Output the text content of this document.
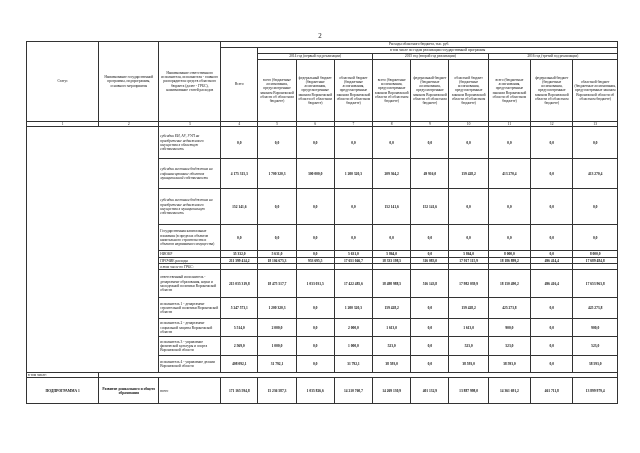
2
Статус	Наименование государственной программы, подпрограммы, основного мероприятия	Наименование ответственного исполнителя, исполнителя - главного распорядителя средств областного бюджета (далее - ГРБС), наименование статей расходов	Расходы областного бюджета, тыс. руб.									
			Всего	в том числе по годам реализации государственной программы								
				2014 год (первый год реализации)			2015 год (второй год реализации)			2016 год (третий год реализации)		
				всего (бюджетные ассигнования, предусмотренные законом Воронежской области об областном бюджете)	федеральный бюджет (бюджетные ассигнования, предусмотренные законом Воронежской области об областном бюджете)	областной бюджет (бюджетные ассигнования, предусмотренные законом Воронежской области об областном бюджете)	всего (бюджетные ассигнования, предусмотренные законом Воронежской области об областном бюджете)	федеральный бюджет (бюджетные ассигнования, предусмотренные законом Воронежской области об областном бюджете)	областной бюджет (бюджетные ассигнования, предусмотренные законом Воронежской области об областном бюджете)	всего (бюджетные ассигнования, предусмотренные законом Воронежской области об областном бюджете)	федеральный бюджет (бюджетные ассигнования, предусмотренные законом Воронежской области об областном бюджете)	областной бюджет (бюджетные ассигнования, предусмотренные законом Воронежской области об областном бюджете)
1	2	3	4	5	6	7	8	9	10	11	12	13
		субсидии ЕИ, АУ, УУП на приобретение недвижимого имущества в областную собственность	0,0	0,0	0,0	0,0	0,0	0,0	0,0	0,0	0,0	0,0
		субсидии местным бюджетам на софинансирование объектов муниципальной собственности	4 175 315,3	1 700 320,3	300 000,0	1 200 320,3	209 364,2	49 916,0	159 428,2	413 270,4	0,0	413 270,4
		субсидии местным бюджетам на приобретение недвижимого имущества в муниципальную собственность	152 141,6	0,0	0,0	0,0	152 141,6	152 141,6	0,0	0,0	0,0	0,0
		Государственная капитальные вложения (в пределах объектов капитального строительства и объектов недвижимого имущества)	0,0	0,0	0,0	0,0	0,0	0,0	0,0	0,0	0,0	0,0
		НИОКР	35 332,0	5 631,0	0,0	5 631,0	5 864,0	0,0	5 864,0	8 000,0	0,0	8 000,0
		ПРОЧИЕ расходы	211 399 414,2	18 104 675,3	953 695,5	17 651 046,7	18 333 198,5	316 083,0	17 917 115,9	18 186 899,2	496 414,4	17 689 484,8
		в том числе по ГРБС:										
		ответственный исполнитель - департамент образования, науки и молодежной политики Воронежской области	215 035 319,8	18 475 517,7	1 033 031,5	17 422 485,6	18 498 988,5	516 143,8	17 982 039,9	18 150 490,2	496 416,4	17 653 963,8
		исполнитель 1 - департамент строительной политики Воронежской области	5 247 573,1	1 200 320,3	0,0	1 200 320,3	159 428,2	0,0	159 428,2	425 273,8	0,0	425 273,8
		исполнитель 2 - департамент социальной защиты Воронежской области	5 514,0	2 000,0	0,0	2 000,0	1 613,0	0,0	1 613,0	900,0	0,0	900,0
		исполнитель 3 - управление физической культуры и спорта Воронежской области	2 569,0	1 000,0	0,0	1 000,0	523,0	0,0	523,0	523,0	0,0	523,0
		исполнитель 4 - управление делами Воронежской области	408 092,1	31 792,1	0,0	31 792,1	38 593,0	0,0	38 593,0	38 593,0	0,0	38 593,0
в том числе:												
ПОДПРОГРАММА 1	Развитие дошкольного и общего образования	всего	171 165 594,8	15 236 587,3	1 035 826,6	14 210 760,7	14 269 130,9	401 132,9	13 887 998,0	14 361 691,2	461 711,8	13 899 979,4
